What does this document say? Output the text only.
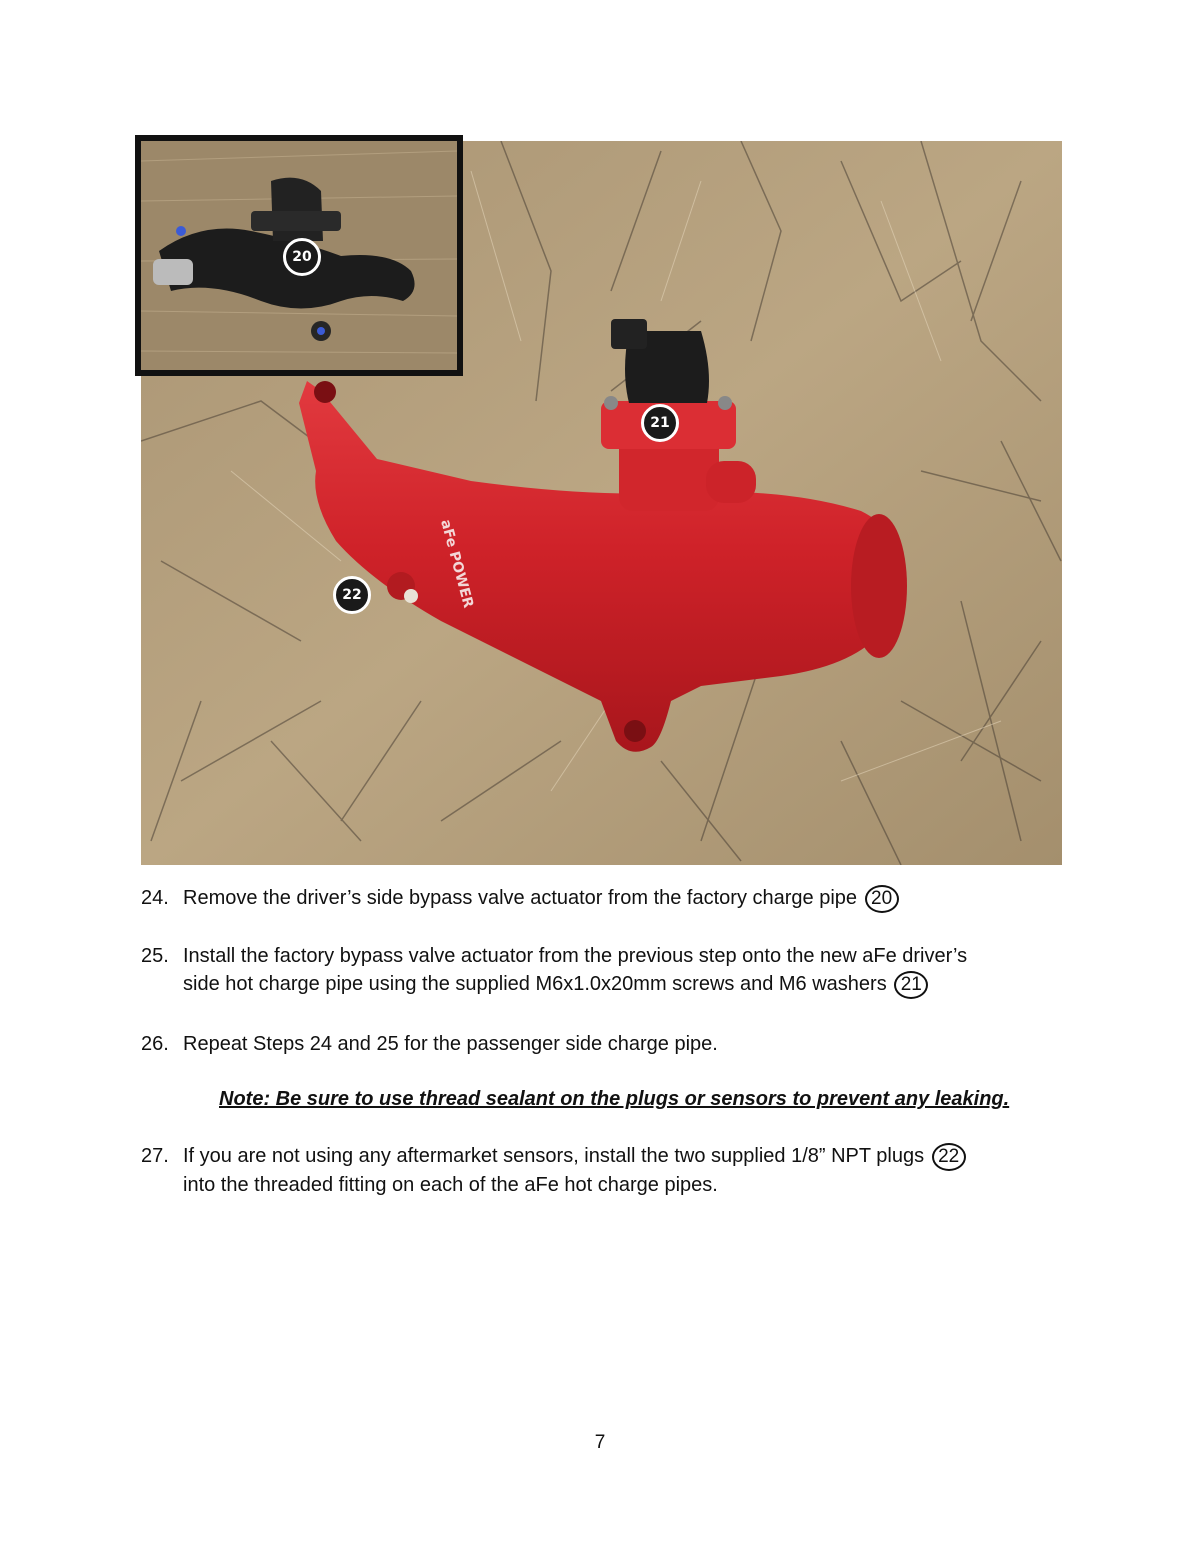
aFe POWER
21
22
20
24. Remove the driver’s side bypass valve actuator from the factory charge pipe 20
25. Install the factory bypass valve actuator from the previous step onto the new aFe driver’s
side hot charge pipe using the supplied M6x1.0x20mm screws and M6 washers 21
26. Repeat Steps 24 and 25 for the passenger side charge pipe.
27. If you are not using any aftermarket sensors, install the two supplied 1/8” NPT plugs 22
into the threaded fitting on each of the aFe hot charge pipes.
Note: Be sure to use thread sealant on the plugs or sensors to prevent any leaking.
7
